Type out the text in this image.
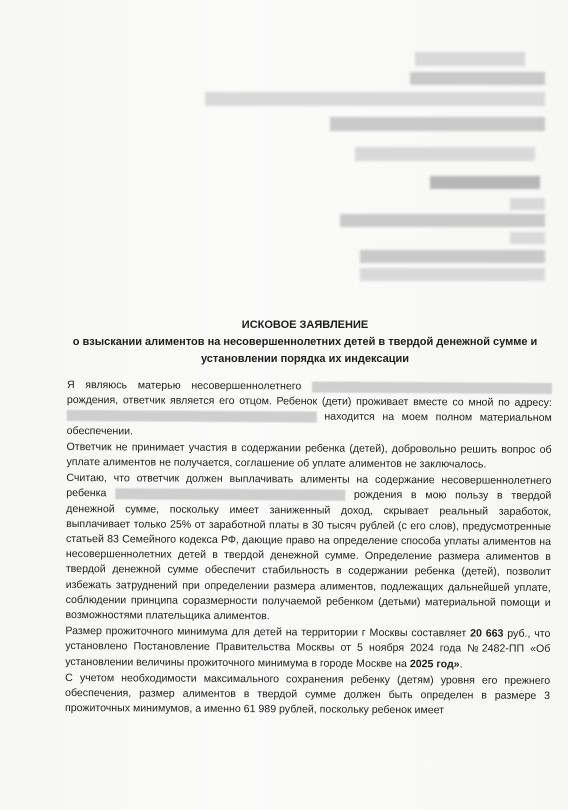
ИСКОВОЕ ЗАЯВЛЕНИЕ
о взыскании алиментов на несовершеннолетних детей в твердой денежной сумме и
установлении порядка их индексации

Я являюсь матерью несовершеннолетнего  рождения, ответчик является его отцом. Ребенок (дети) проживает вместе со мной по адресу:  находится на моем полном материальном обеспечении.

Ответчик не принимает участия в содержании ребенка (детей), добровольно решить вопрос об уплате алиментов не получается, соглашение об уплате алиментов не заключалось.

Считаю, что ответчик должен выплачивать алименты на содержание несовершеннолетнего ребенка	рождения в мою пользу в твердой денежной сумме, поскольку имеет заниженный доход, скрывает реальный заработок, выплачивает только 25% от заработной платы в 30 тысяч рублей (с его слов), предусмотренные статьей 83 Семейного кодекса РФ, дающие право на определение способа уплаты алиментов на несовершеннолетних детей в твердой денежной сумме. Определение размера алиментов в твердой денежной сумме обеспечит стабильность в содержании ребенка (детей), позволит избежать затруднений при определении размера алиментов, подлежащих дальнейшей уплате, соблюдении принципа соразмерности получаемой ребенком (детьми) материальной помощи и возможностями плательщика алиментов.

Размер прожиточного минимума для детей на территории г Москвы составляет 20 663 руб., что установлено Постановление Правительства Москвы от 5 ноября 2024 года №2482-ПП «Об установлении величины прожиточного минимума в городе Москве на 2025 год».

С учетом необходимости максимального сохранения ребенку (детям) уровня его прежнего обеспечения, размер алиментов в твердой сумме должен быть определен в размере 3 прожиточных минимумов, а именно 61 989 рублей, поскольку ребенок имеет
